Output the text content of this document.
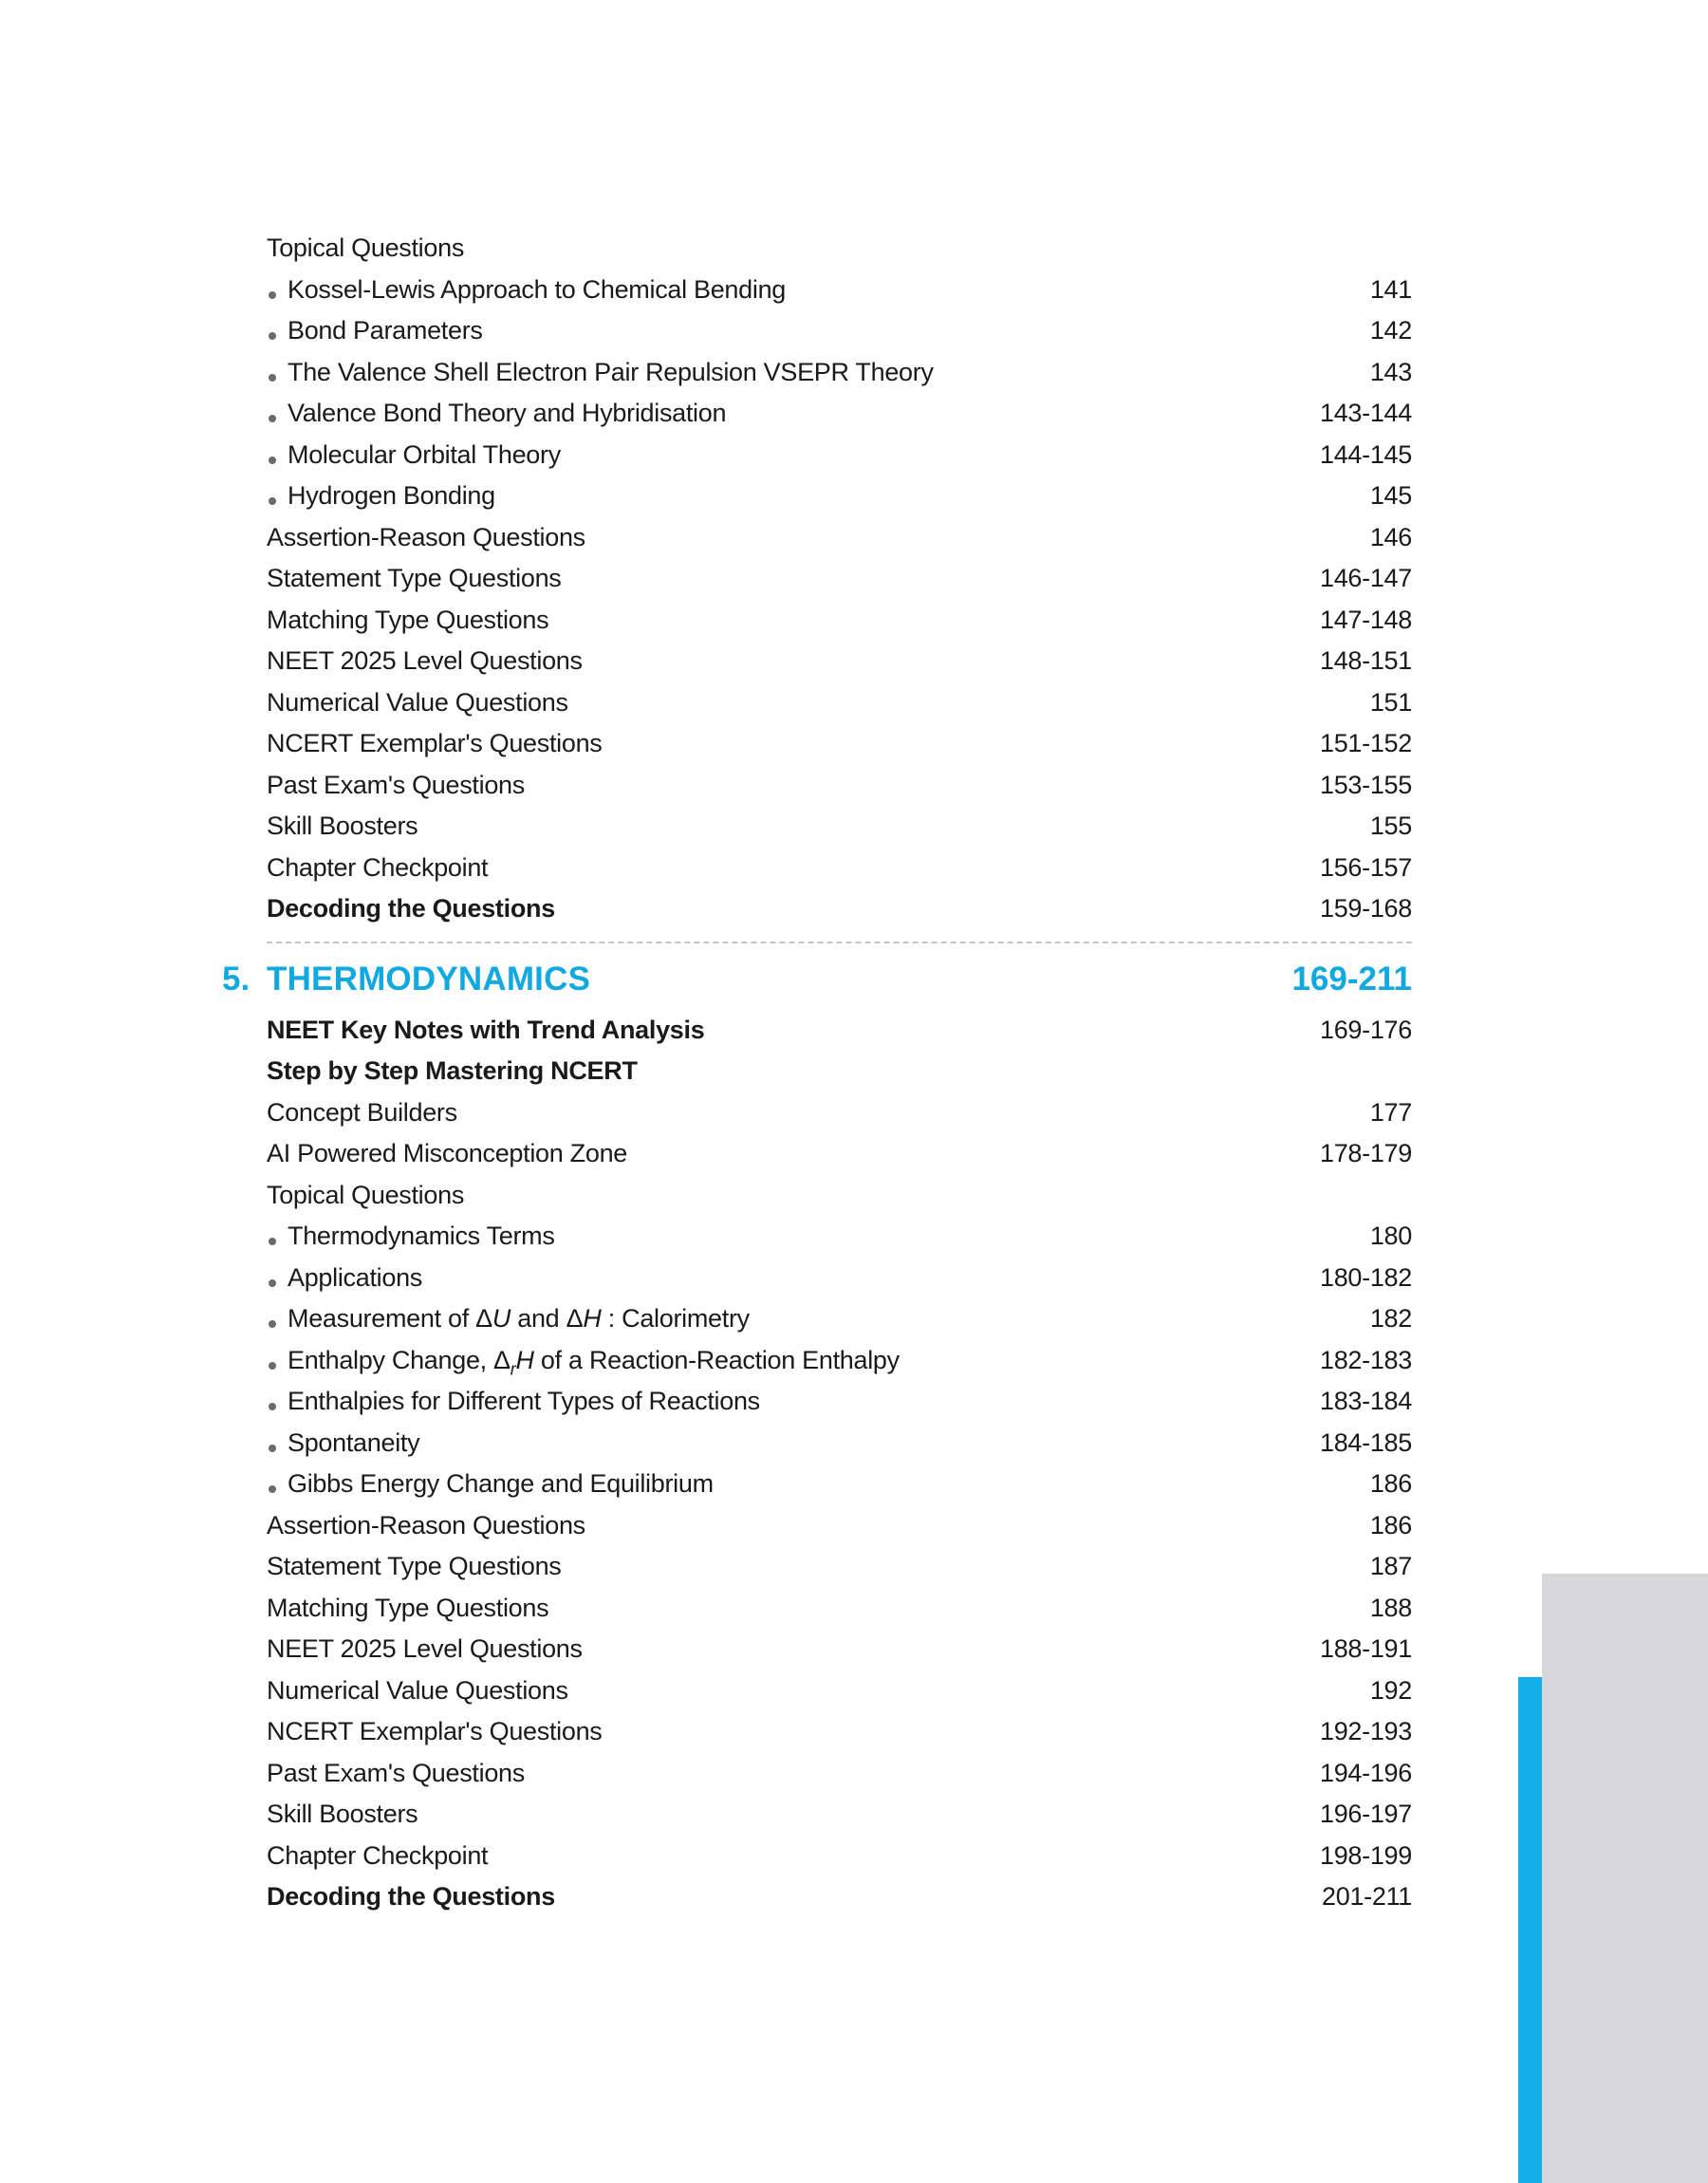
Topical Questions
Kossel-Lewis Approach to Chemical Bending	141
Bond Parameters	142
The Valence Shell Electron Pair Repulsion VSEPR Theory	143
Valence Bond Theory and Hybridisation	143-144
Molecular Orbital Theory	144-145
Hydrogen Bonding	145
Assertion-Reason Questions	146
Statement Type Questions	146-147
Matching Type Questions	147-148
NEET 2025 Level Questions	148-151
Numerical Value Questions	151
NCERT Exemplar's Questions	151-152
Past Exam's Questions	153-155
Skill Boosters	155
Chapter Checkpoint	156-157
Decoding the Questions	159-168
5. THERMODYNAMICS	169-211
NEET Key Notes with Trend Analysis	169-176
Step by Step Mastering NCERT
Concept Builders	177
AI Powered Misconception Zone	178-179
Topical Questions
Thermodynamics Terms	180
Applications	180-182
Measurement of ΔU and ΔH : Calorimetry	182
Enthalpy Change, $\Delta_rH$ of a Reaction-Reaction Enthalpy	182-183
Enthalpies for Different Types of Reactions	183-184
Spontaneity	184-185
Gibbs Energy Change and Equilibrium	186
Assertion-Reason Questions	186
Statement Type Questions	187
Matching Type Questions	188
NEET 2025 Level Questions	188-191
Numerical Value Questions	192
NCERT Exemplar's Questions	192-193
Past Exam's Questions	194-196
Skill Boosters	196-197
Chapter Checkpoint	198-199
Decoding the Questions	201-211
